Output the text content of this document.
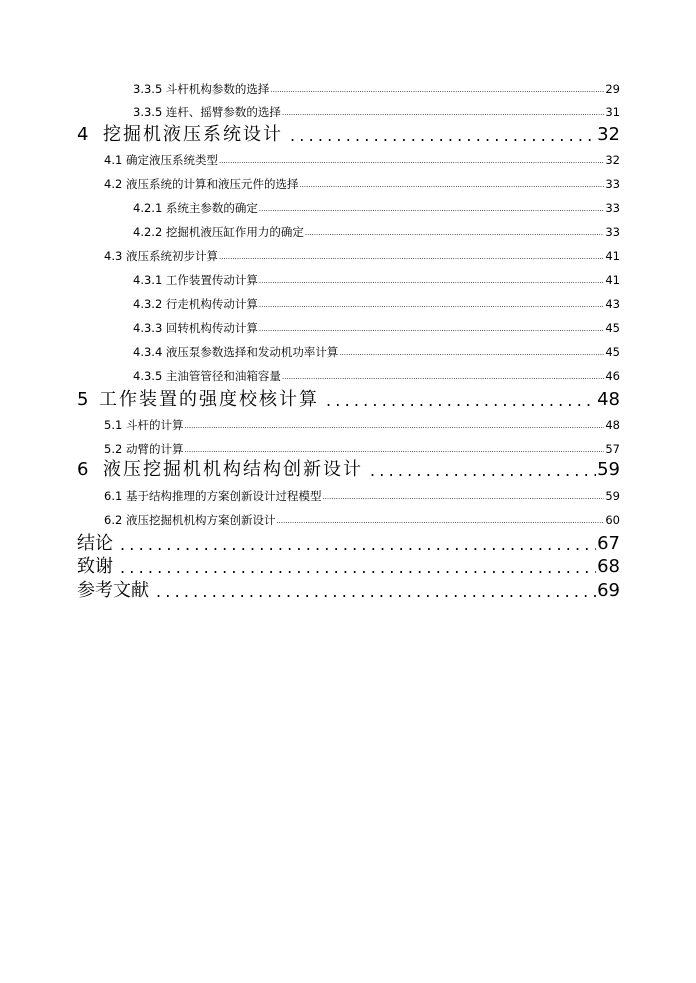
3.3.5 斗杆机构参数的选择 .....	29
3.3.5 连杆、摇臂参数的选择 .....	31
4 挖掘机液压系统设计 .....	32
4.1 确定液压系统类型 .....	32
4.2 液压系统的计算和液压元件的选择 .....	33
4.2.1 系统主参数的确定 .....	33
4.2.2 挖掘机液压缸作用力的确定 .....	33
4.3 液压系统初步计算 .....	41
4.3.1 工作装置传动计算 .....	41
4.3.2 行走机构传动计算 .....	43
4.3.3 回转机构传动计算 .....	45
4.3.4 液压泵参数选择和发动机功率计算 .....	45
4.3.5 主油管管径和油箱容量 .....	46
5 工作装置的强度校核计算 .....	48
5.1 斗杆的计算 .....	48
5.2 动臂的计算 .....	57
6 液压挖掘机机构结构创新设计 .....	59
6.1 基于结构推理的方案创新设计过程模型 .....	59
6.2 液压挖掘机机构方案创新设计 .....	60
结论 .....	67
致谢 .....	68
参考文献 .....	69
